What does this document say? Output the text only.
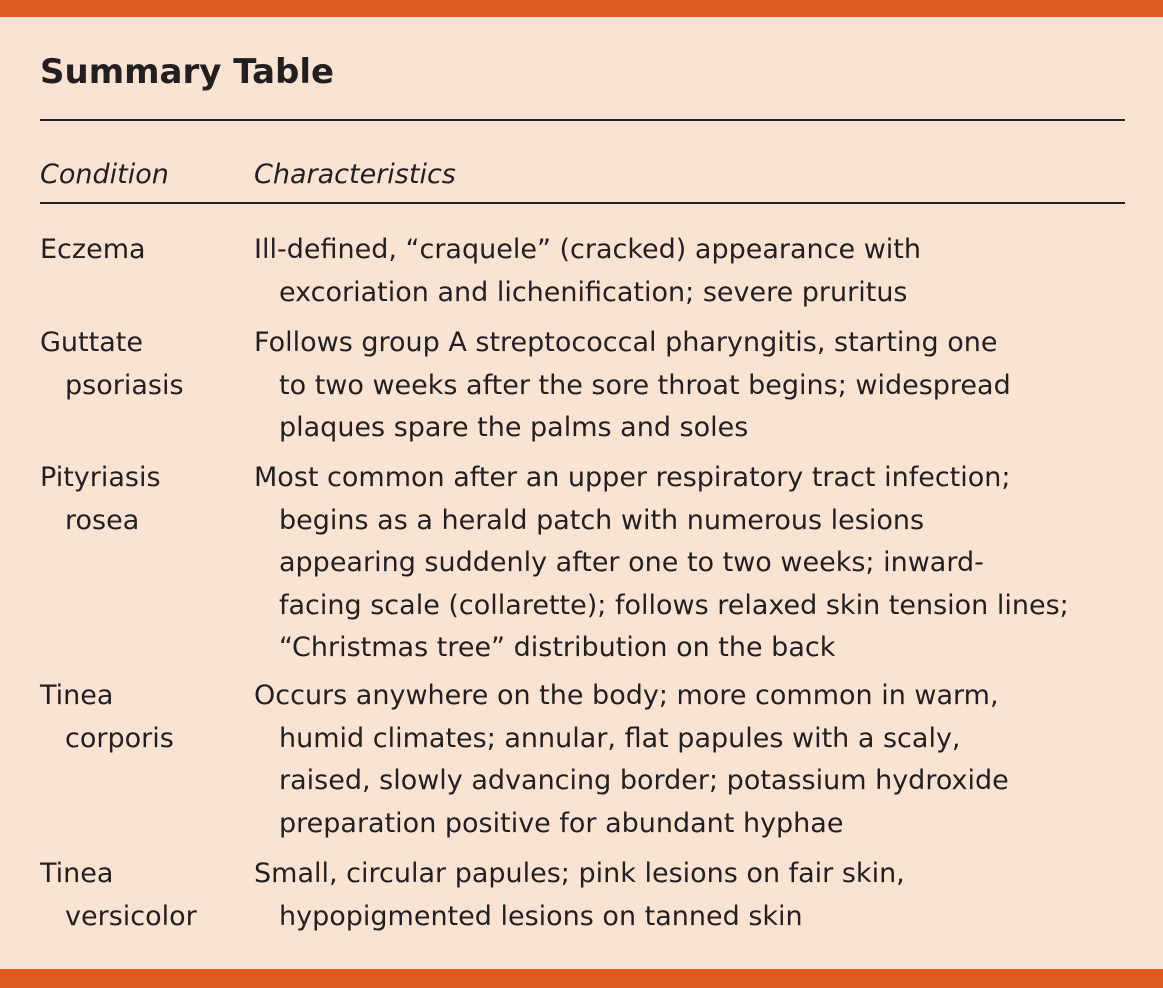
Summary Table
Condition	Characteristics
Eczema	Ill-defined, “craquele” (cracked) appearance with
excoriation and lichenification; severe pruritus
Guttate
psoriasis
Follows group A streptococcal pharyngitis, starting one
to two weeks after the sore throat begins; widespread
plaques spare the palms and soles
Pityriasis
rosea
Most common after an upper respiratory tract infection;
begins as a herald patch with numerous lesions
appearing suddenly after one to two weeks; inward-
facing scale (collarette); follows relaxed skin tension lines;
“Christmas tree” distribution on the back
Tinea
corporis
Occurs anywhere on the body; more common in warm,
humid climates; annular, flat papules with a scaly,
raised, slowly advancing border; potassium hydroxide
preparation positive for abundant hyphae
Tinea
versicolor
Small, circular papules; pink lesions on fair skin,
hypopigmented lesions on tanned skin
